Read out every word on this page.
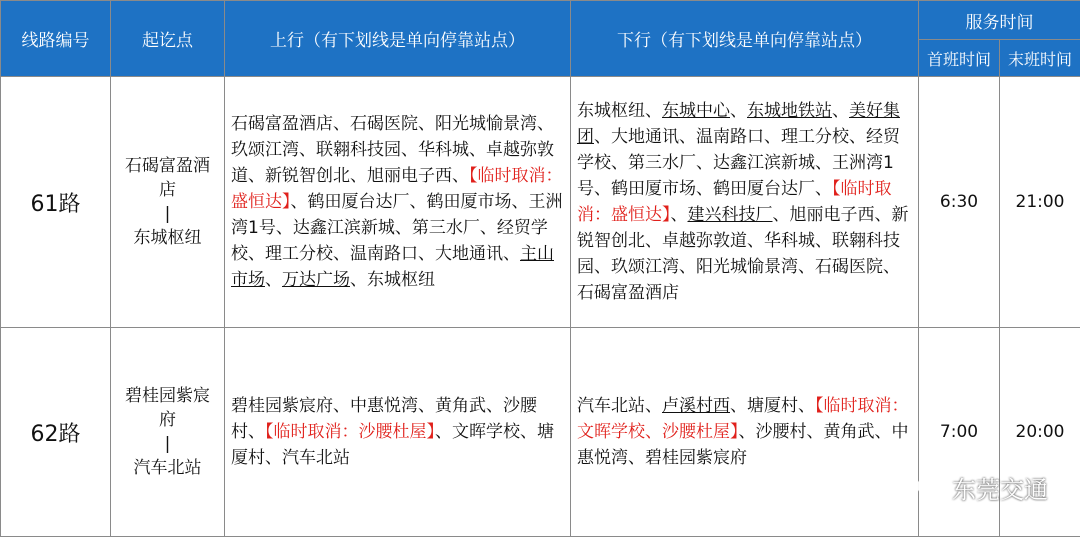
线路编号	起讫点	上行（有下划线是单向停靠站点）	下行（有下划线是单向停靠站点）	服务时间	
				首班时间	末班时间
61路	石碣富盈酒店
|
东城枢纽	石碣富盈酒店、石碣医院、阳光城愉景湾、玖颂江湾、联翱科技园、华科城、卓越弥敦道、新锐智创北、旭丽电子西、【临时取消：盛恒达】、鹤田厦台达厂、鹤田厦市场、王洲湾1号、达鑫江滨新城、第三水厂、经贸学校、理工分校、温南路口、大地通讯、主山市场、万达广场、东城枢纽	东城枢纽、东城中心、东城地铁站、美好集团、大地通讯、温南路口、理工分校、经贸学校、第三水厂、达鑫江滨新城、王洲湾1号、鹤田厦市场、鹤田厦台达厂、【临时取消：盛恒达】、建兴科技厂、旭丽电子西、新锐智创北、卓越弥敦道、华科城、联翱科技园、玖颂江湾、阳光城愉景湾、石碣医院、石碣富盈酒店	6:30	21:00
62路	碧桂园紫宸府
|
汽车北站	碧桂园紫宸府、中惠悦湾、黄角武、沙腰村、【临时取消：沙腰杜屋】、文晖学校、塘厦村、汽车北站	汽车北站、卢溪村西、塘厦村、【临时取消：文晖学校、沙腰杜屋】、沙腰村、黄角武、中惠悦湾、碧桂园紫宸府	7:00	20:00
东莞交通
